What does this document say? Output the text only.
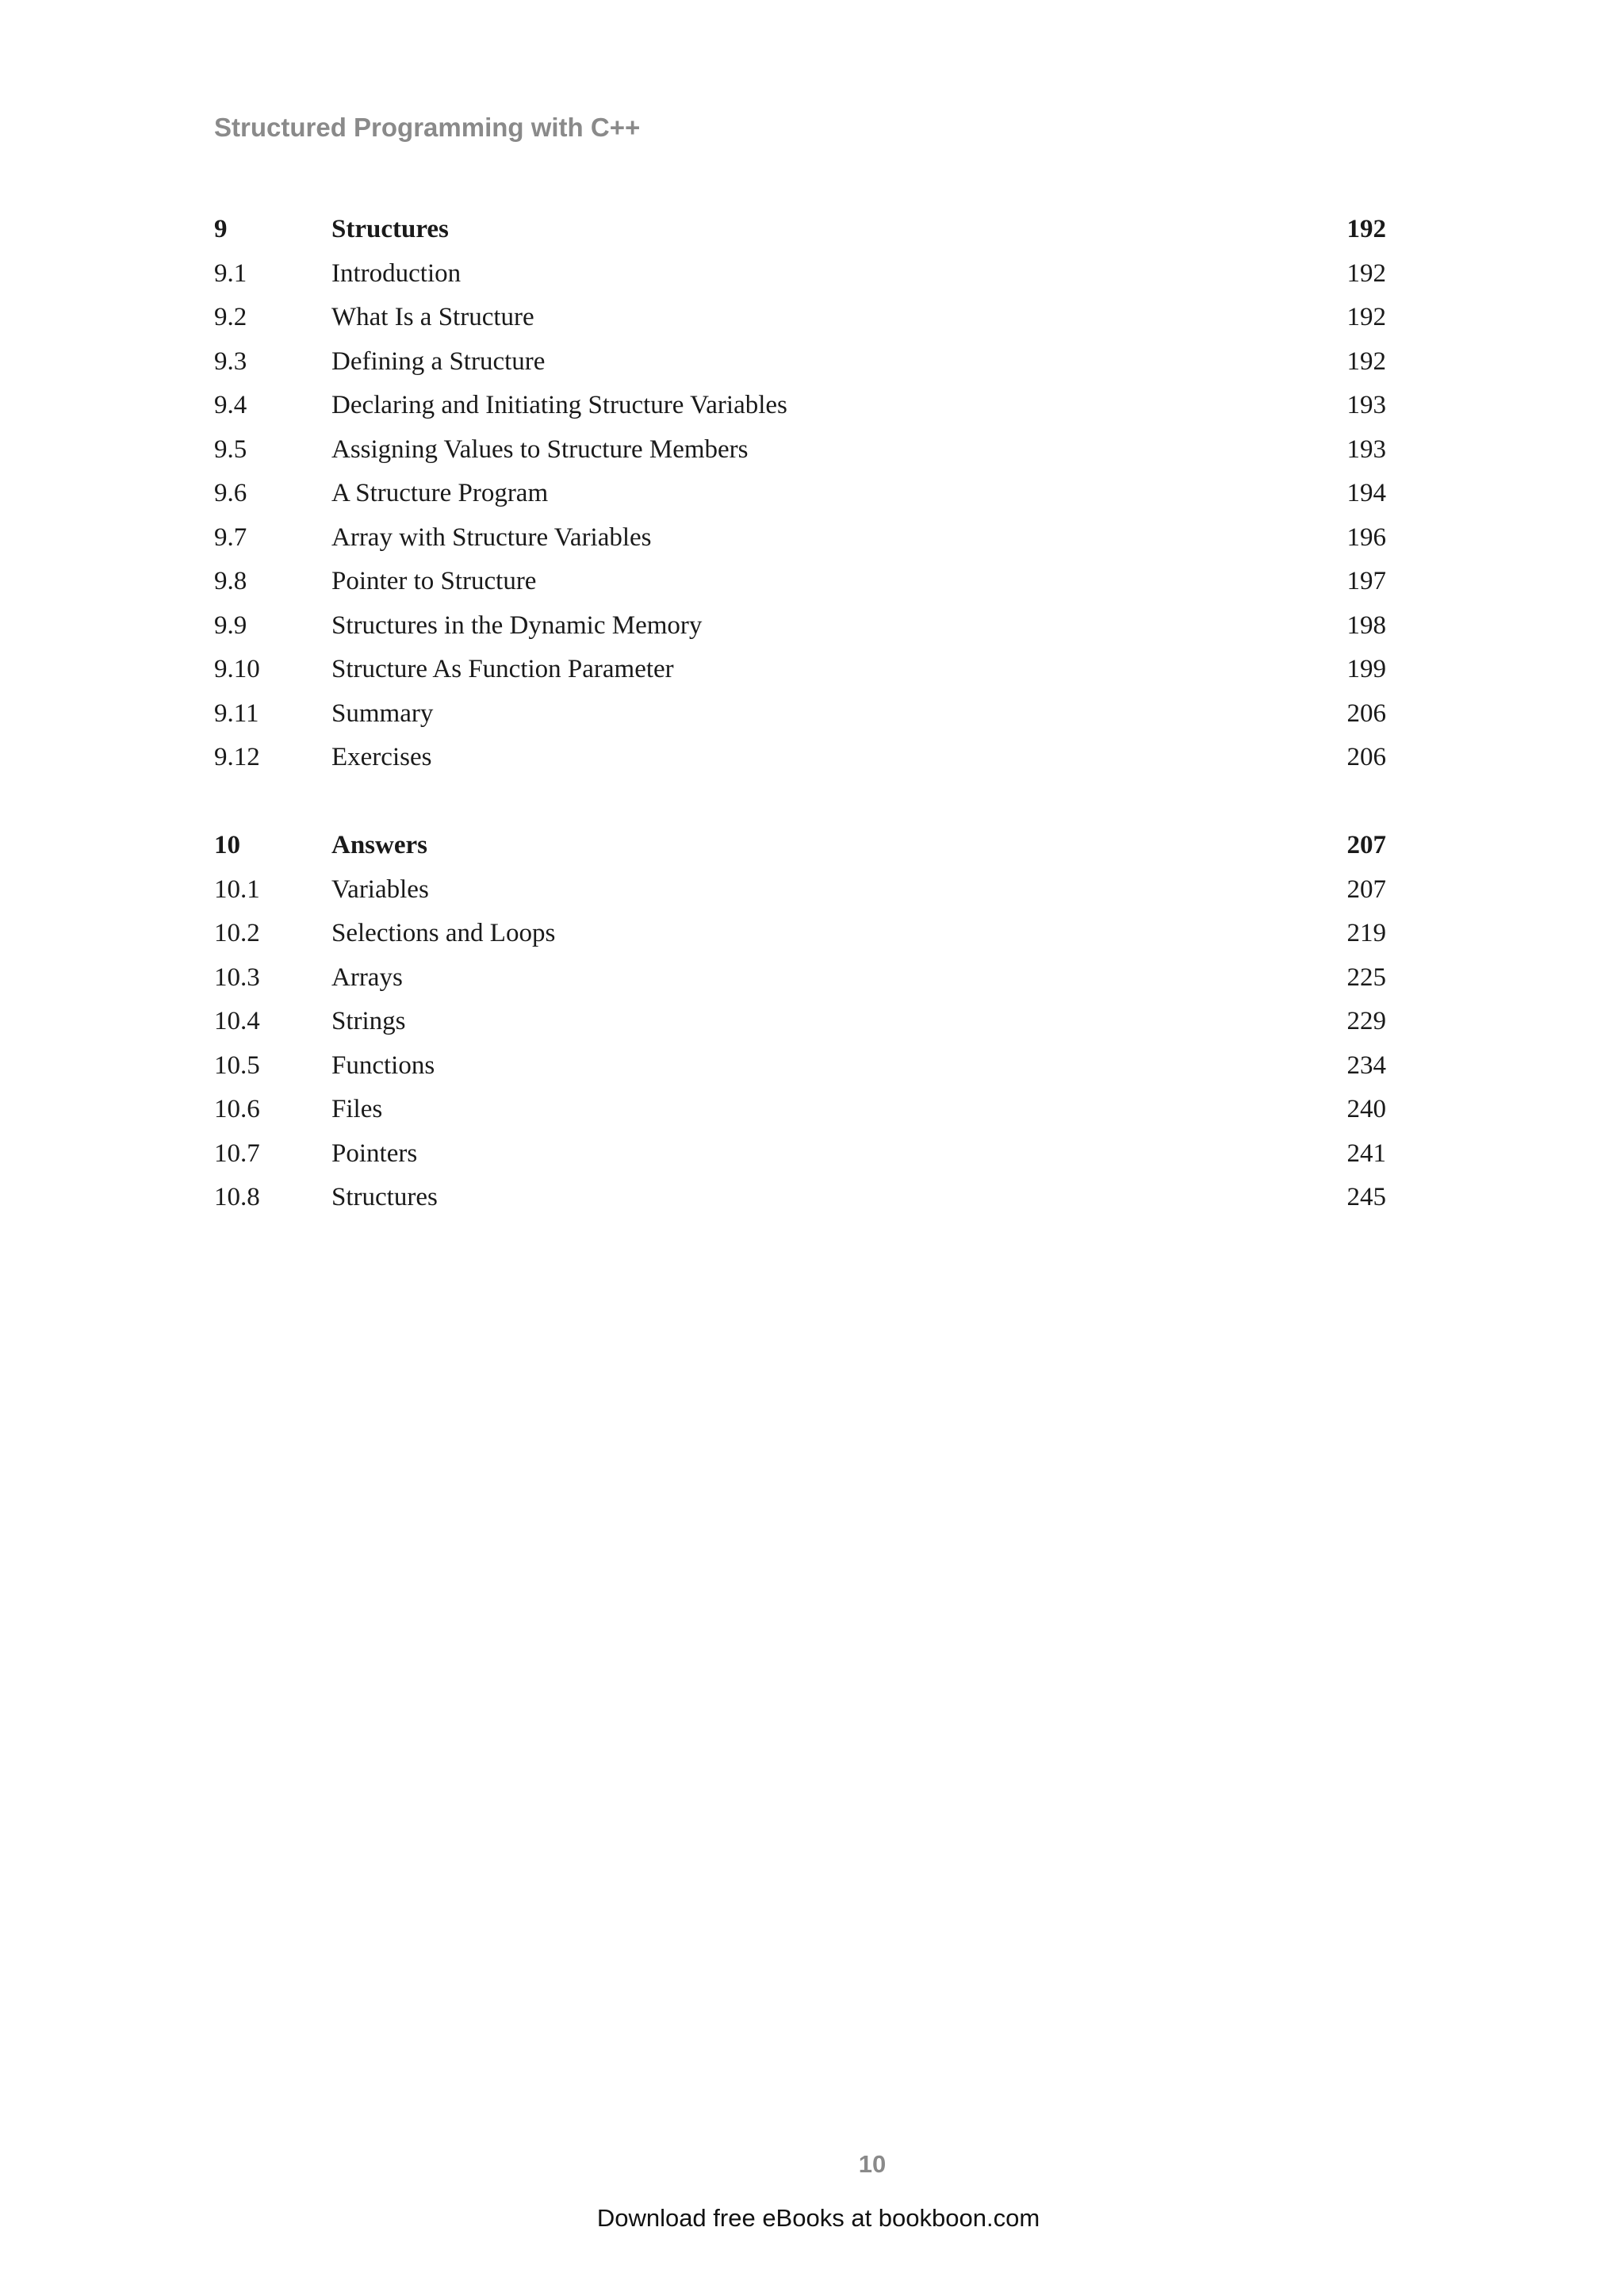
Structured Programming with C++
9	Structures	192
9.1	Introduction	192
9.2	What Is a Structure	192
9.3	Defining a Structure	192
9.4	Declaring and Initiating Structure Variables	193
9.5	Assigning Values to Structure Members	193
9.6	A Structure Program	194
9.7	Array with Structure Variables	196
9.8	Pointer to Structure	197
9.9	Structures in the Dynamic Memory	198
9.10	Structure As Function Parameter	199
9.11	Summary	206
9.12	Exercises	206
10	Answers	207
10.1	Variables	207
10.2	Selections and Loops	219
10.3	Arrays	225
10.4	Strings	229
10.5	Functions	234
10.6	Files	240
10.7	Pointers	241
10.8	Structures	245
10
Download free eBooks at bookboon.com
